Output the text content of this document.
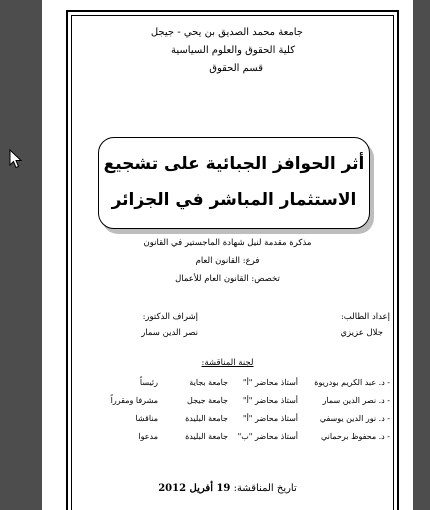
جامعة محمد الصديق بن يحي - جيجل
كلية الحقوق والعلوم السياسية
قسم الحقوق
أثر الحوافز الجبائية على تشجيع
الاستثمار المباشر في الجزائر
مذكرة مقدمة لنيل شهادة الماجستير في القانون
فرع: القانون العام
تخصص: القانون العام للأعمال
إعداد الطالب:
جلال عزيزي
إشراف الدكتور:
نصر الدين سمار
لجنة المناقشة:
- د. عبد الكريم بودريوة
أستاذ محاضر "أ"
جامعة بجاية
رئيساً
- د. نصر الدين سمار
أستاذ محاضر "أ"
جامعة جيجل
مشرفا ومقرراً
- د. نور الدين يوسفي
أستاذ محاضر "أ"
جامعة البليدة
مناقشا
- د. محفوظ برحماني
أستاذ محاضر "ب"
جامعة البليدة
مدعوا
تاريخ المناقشة: 19 أفريل 2012
